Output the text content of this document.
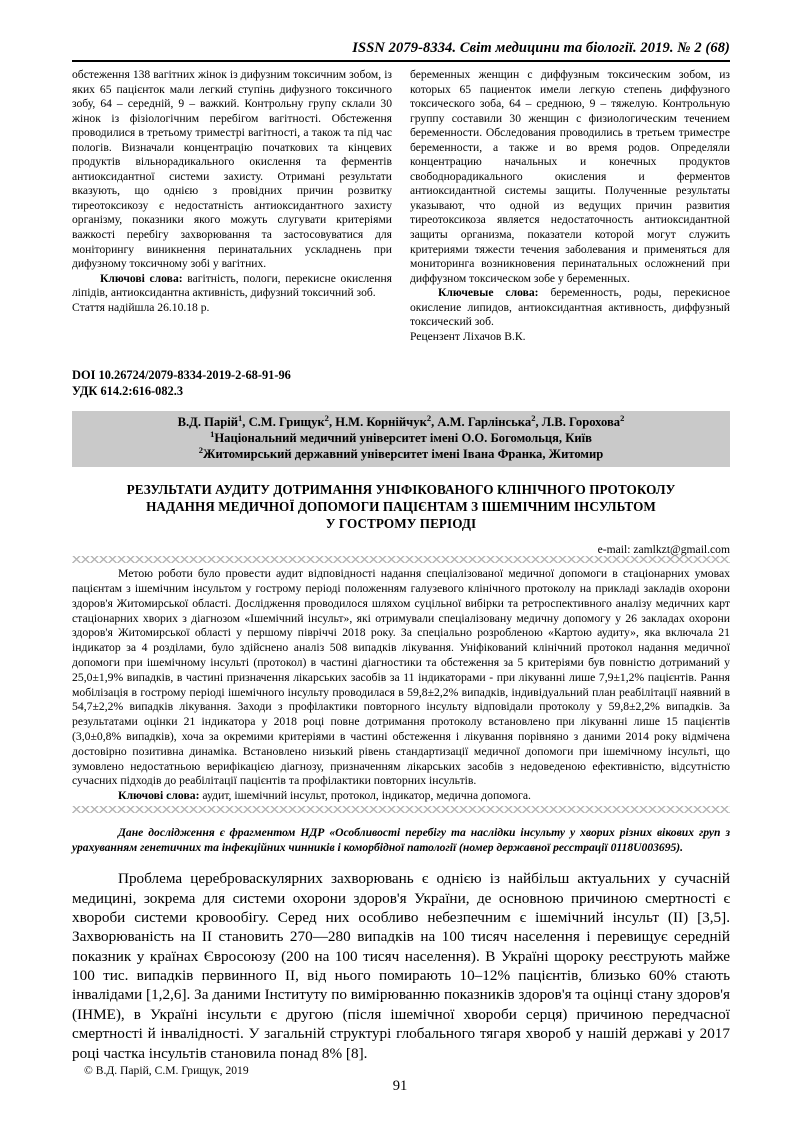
ISSN 2079-8334. Світ медицини та біології. 2019. № 2 (68)

обстеження 138 вагітних жінок із дифузним токсичним зобом, із яких 65 пацієнток мали легкий ступінь дифузного токсичного зобу, 64 – середній, 9 – важкий. Контрольну групу склали 30 жінок із фізіологічним перебігом вагітності. Обстеження проводилися в третьому триместрі вагітності, а також та під час пологів. Визначали концентрацію початкових та кінцевих продуктів вільнорадикального окислення та ферментів антиоксидантної системи захисту. Отримані результати вказують, що однією з провідних причин розвитку тиреотоксикозу є недостатність антиоксидантного захисту організму, показники якого можуть слугувати критеріями важкості перебігу захворювання та застосовуватися для моніторингу виникнення перинатальних ускладнень при дифузному токсичному зобі у вагітних.

Ключові слова: вагітність, пологи, перекисне окислення ліпідів, антиоксидантна активність, дифузний токсичний зоб.

Стаття надійшла 26.10.18 р.

беременных женщин с диффузным токсическим зобом, из которых 65 пациенток имели легкую степень диффузного токсического зоба, 64 – среднюю, 9 – тяжелую. Контрольную группу составили 30 женщин с физиологическим течением беременности. Обследования проводились в третьем триместре беременности, а также и во время родов. Определяли концентрацию начальных и конечных продуктов свободнорадикального окисления и ферментов антиоксидантной системы защиты. Полученные результаты указывают, что одной из ведущих причин развития тиреотоксикоза является недостаточность антиоксидантной защиты организма, показатели которой могут служить критериями тяжести течения заболевания и применяться для мониторинга возникновения перинатальных осложнений при диффузном токсическом зобе у беременных.

Ключевые слова: беременность, роды, перекисное окисление липидов, антиоксидантная активность, диффузный токсический зоб.

Рецензент Ліхачов В.К.

DOI 10.26724/2079-8334-2019-2-68-91-96
УДК 614.2:616-082.3
В.Д. Парій$^1$, С.М. Грищук$^2$, Н.М. Корнійчук$^2$, А.М. Гарлінська$^2$, Л.В. Горохова$^2$
$^1$Національний медичний університет імені О.О. Богомольця, Київ
$^2$Житомирський державний університет імені Івана Франка, Житомир
РЕЗУЛЬТАТИ АУДИТУ ДОТРИМАННЯ УНІФІКОВАНОГО КЛІНІЧНОГО ПРОТОКОЛУ
НАДАННЯ МЕДИЧНОЇ ДОПОМОГИ ПАЦІЄНТАМ З ІШЕМІЧНИМ ІНСУЛЬТОМ
У ГОСТРОМУ ПЕРІОДІ
e-mail: zamlkzt@gmail.com

Метою роботи було провести аудит відповідності надання спеціалізованої медичної допомоги в стаціонарних умовах пацієнтам з ішемічним інсультом у гострому періоді положенням галузевого клінічного протоколу на прикладі закладів охорони здоров'я Житомирської області. Дослідження проводилося шляхом суцільної вибірки та ретроспективного аналізу медичних карт стаціонарних хворих з діагнозом «Ішемічний інсульт», які отримували спеціалізовану медичну допомогу у 26 закладах охорони здоров'я Житомирської області у першому півріччі 2018 року. За спеціально розробленою «Картою аудиту», яка включала 21 індикатор за 4 розділами, було здійснено аналіз 508 випадків лікування. Уніфікований клінічний протокол надання медичної допомоги при ішемічному інсульті (протокол) в частині діагностики та обстеження за 5 критеріями був повністю дотриманий у 25,0±1,9% випадків, в частині призначення лікарських засобів за 11 індикаторами - при лікуванні лише 7,9±1,2% пацієнтів. Рання мобілізація в гострому періоді ішемічного інсульту проводилася в 59,8±2,2% випадків, індивідуальний план реабілітації наявний в 54,7±2,2% випадків лікування. Заходи з профілактики повторного інсульту відповідали протоколу у 59,8±2,2% випадків. За результатами оцінки 21 індикатора у 2018 році повне дотримання протоколу встановлено при лікуванні лише 15 пацієнтів (3,0±0,8% випадків), хоча за окремими критеріями в частині обстеження і лікування порівняно з даними 2014 року відмічена достовірно позитивна динаміка. Встановлено низький рівень стандартизації медичної допомоги при ішемічному інсульті, що зумовлено недостатньою верифікацією діагнозу, призначенням лікарських засобів з недоведеною ефективністю, відсутністю сучасних підходів до реабілітації пацієнтів та профілактики повторних інсультів.

Ключові слова: аудит, ішемічний інсульт, протокол, індикатор, медична допомога.

Дане дослідження є фрагментом НДР «Особливості перебігу та наслідки інсульту у хворих різних вікових груп з урахуванням генетичних та інфекційних чинників і коморбідної патології (номер державної ресстрації 0118U003695).

Проблема цереброваскулярних захворювань є однією із найбільш актуальних у сучасній медицині, зокрема для системи охорони здоров'я України, де основною причиною смертності є хвороби системи кровообігу. Серед них особливо небезпечним є ішемічний інсульт (ІІ) [3,5]. Захворюваність на ІІ становить 270—280 випадків на 100 тисяч населення і перевищує середній показник у країнах Євросоюзу (200 на 100 тисяч населення). В Україні щороку реєструють майже 100 тис. випадків первинного ІІ, від нього помирають 10–12% пацієнтів, близько 60% стають інвалідами [1,2,6]. За даними Інституту по вимірюванню показників здоров'я та оцінці стану здоров'я (ІНМЕ), в Україні інсульти є другою (після ішемічної хвороби серця) причиною передчасної смертності й інвалідності. У загальній структурі глобального тягаря хвороб у нашій державі у 2017 році частка інсультів становила понад 8% [8].

© В.Д. Парій, С.М. Грищук, 2019
91
